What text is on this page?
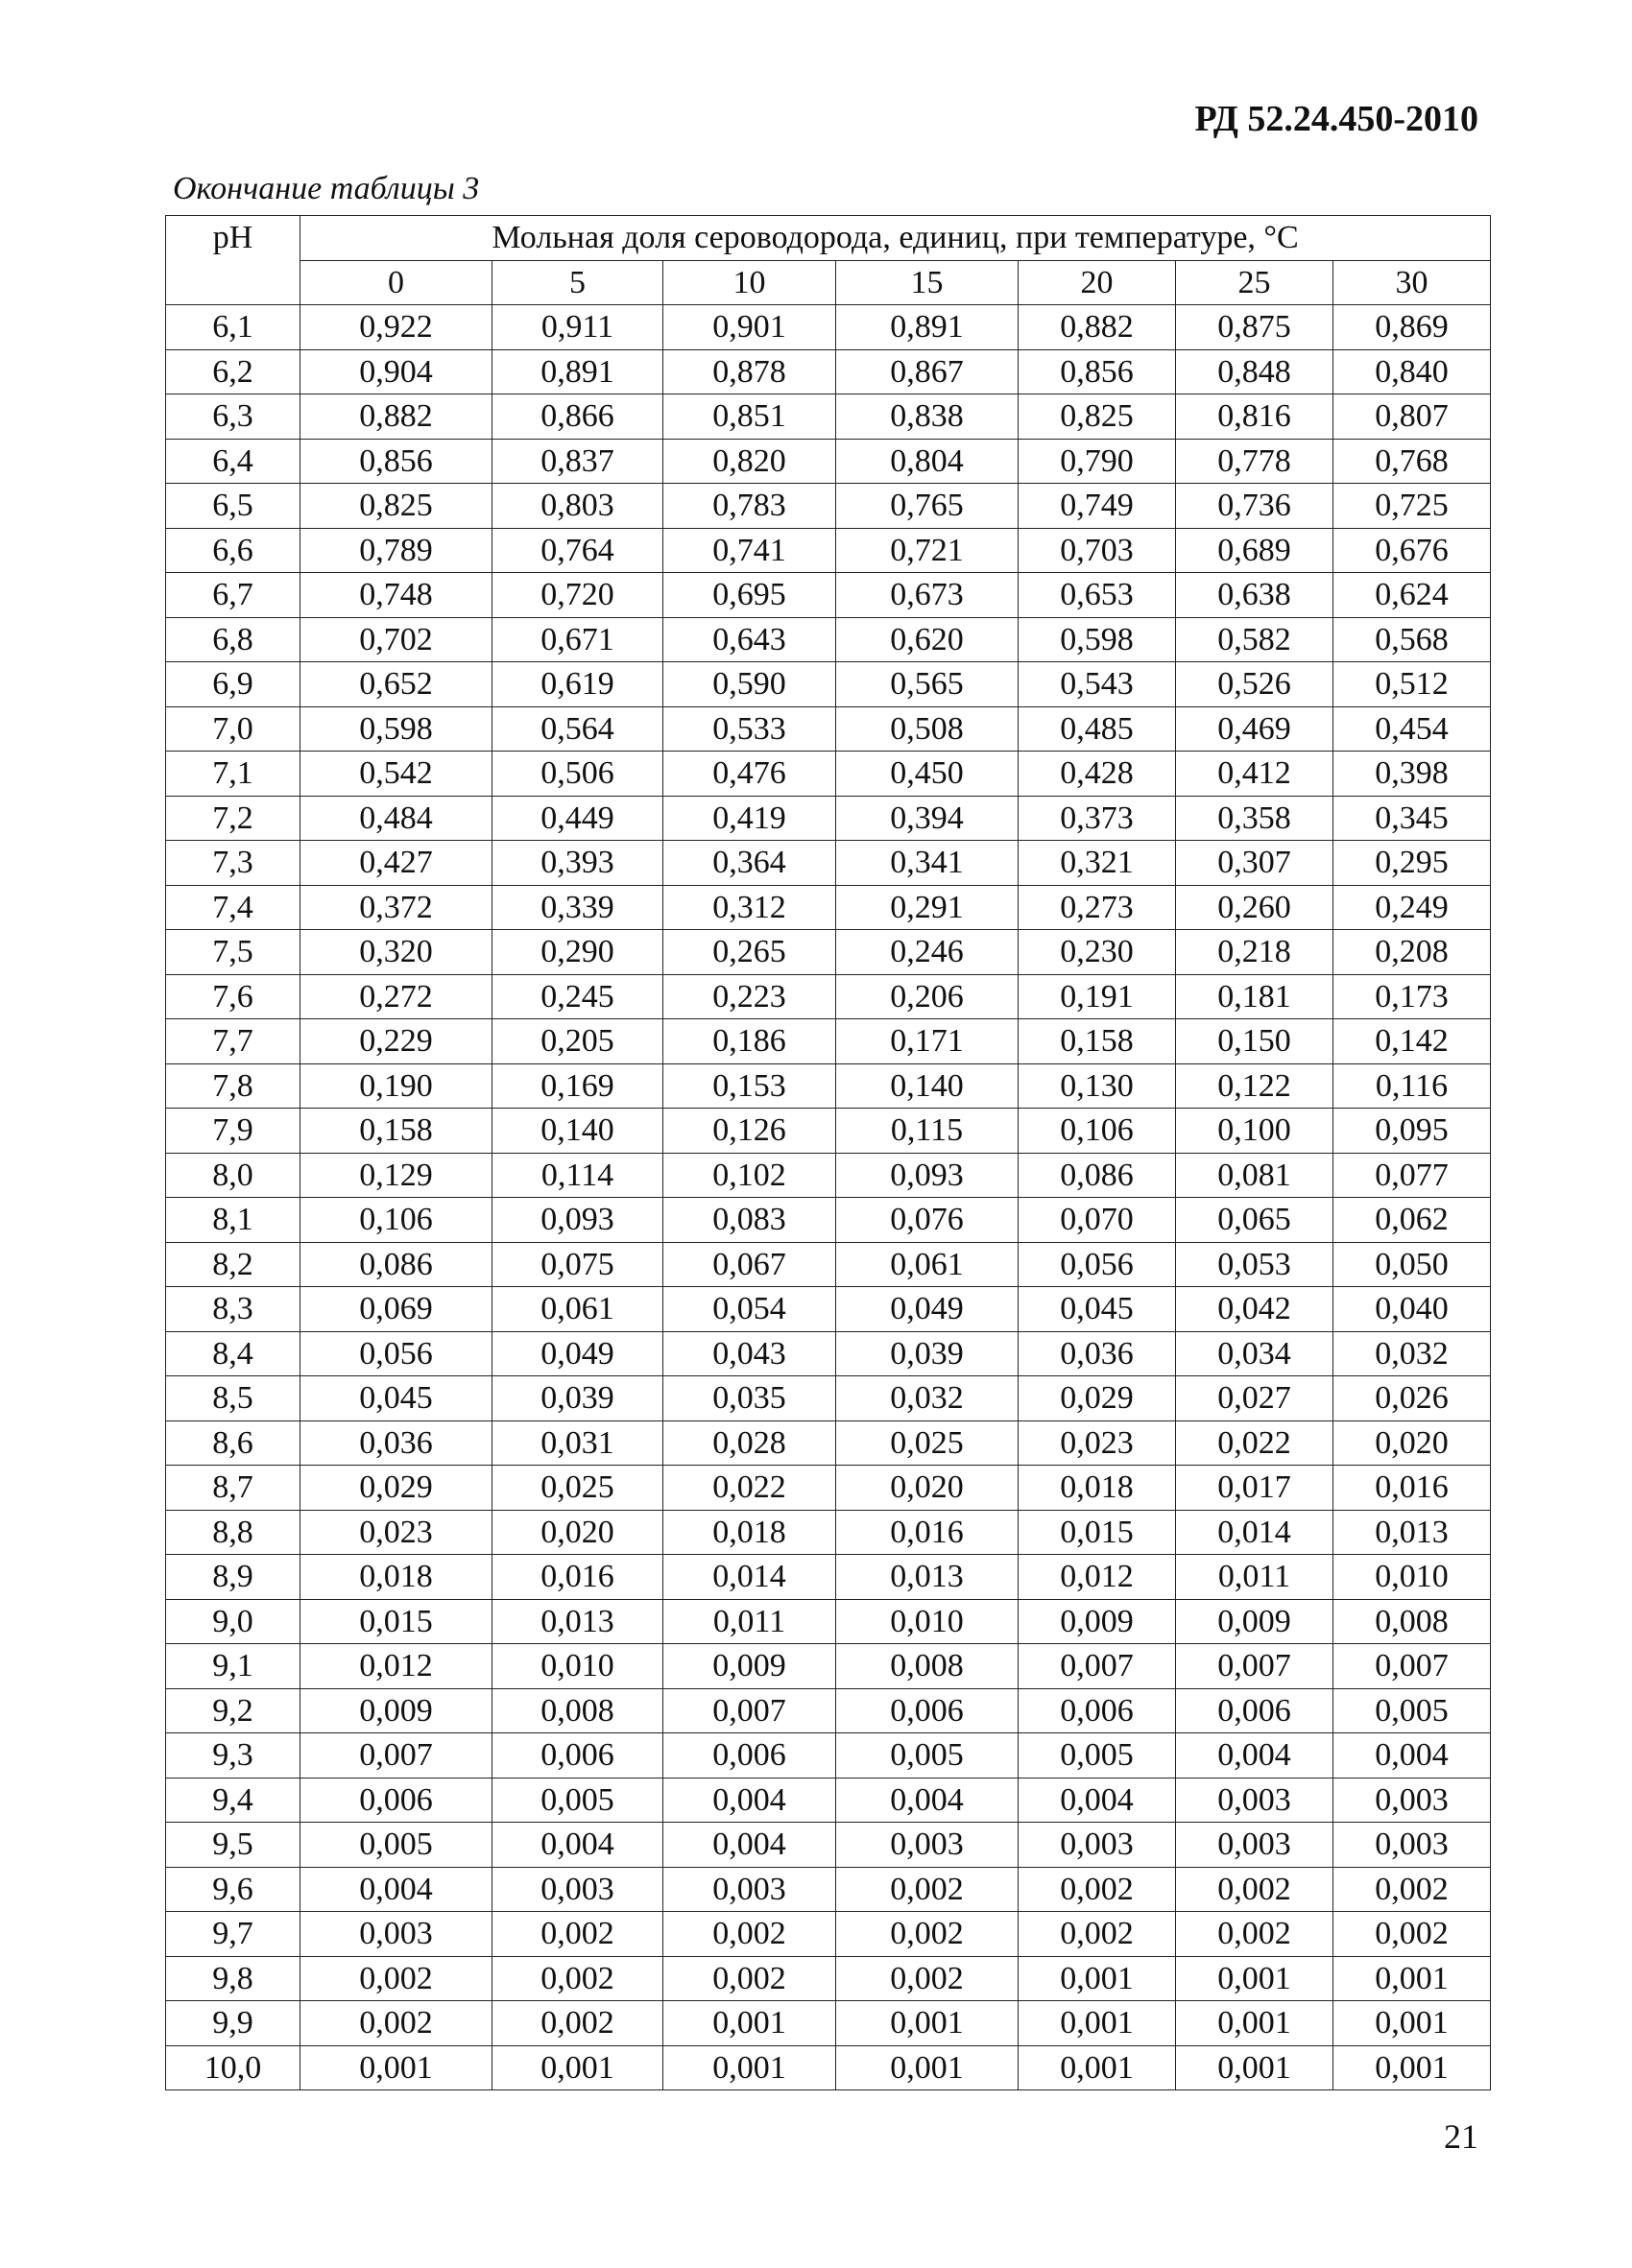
РД 52.24.450-2010
Окончание таблицы 3
pH	Мольная доля сероводорода, единиц, при температуре, °C						
	0	5	10	15	20	25	30
6,1	0,922	0,911	0,901	0,891	0,882	0,875	0,869
6,2	0,904	0,891	0,878	0,867	0,856	0,848	0,840
6,3	0,882	0,866	0,851	0,838	0,825	0,816	0,807
6,4	0,856	0,837	0,820	0,804	0,790	0,778	0,768
6,5	0,825	0,803	0,783	0,765	0,749	0,736	0,725
6,6	0,789	0,764	0,741	0,721	0,703	0,689	0,676
6,7	0,748	0,720	0,695	0,673	0,653	0,638	0,624
6,8	0,702	0,671	0,643	0,620	0,598	0,582	0,568
6,9	0,652	0,619	0,590	0,565	0,543	0,526	0,512
7,0	0,598	0,564	0,533	0,508	0,485	0,469	0,454
7,1	0,542	0,506	0,476	0,450	0,428	0,412	0,398
7,2	0,484	0,449	0,419	0,394	0,373	0,358	0,345
7,3	0,427	0,393	0,364	0,341	0,321	0,307	0,295
7,4	0,372	0,339	0,312	0,291	0,273	0,260	0,249
7,5	0,320	0,290	0,265	0,246	0,230	0,218	0,208
7,6	0,272	0,245	0,223	0,206	0,191	0,181	0,173
7,7	0,229	0,205	0,186	0,171	0,158	0,150	0,142
7,8	0,190	0,169	0,153	0,140	0,130	0,122	0,116
7,9	0,158	0,140	0,126	0,115	0,106	0,100	0,095
8,0	0,129	0,114	0,102	0,093	0,086	0,081	0,077
8,1	0,106	0,093	0,083	0,076	0,070	0,065	0,062
8,2	0,086	0,075	0,067	0,061	0,056	0,053	0,050
8,3	0,069	0,061	0,054	0,049	0,045	0,042	0,040
8,4	0,056	0,049	0,043	0,039	0,036	0,034	0,032
8,5	0,045	0,039	0,035	0,032	0,029	0,027	0,026
8,6	0,036	0,031	0,028	0,025	0,023	0,022	0,020
8,7	0,029	0,025	0,022	0,020	0,018	0,017	0,016
8,8	0,023	0,020	0,018	0,016	0,015	0,014	0,013
8,9	0,018	0,016	0,014	0,013	0,012	0,011	0,010
9,0	0,015	0,013	0,011	0,010	0,009	0,009	0,008
9,1	0,012	0,010	0,009	0,008	0,007	0,007	0,007
9,2	0,009	0,008	0,007	0,006	0,006	0,006	0,005
9,3	0,007	0,006	0,006	0,005	0,005	0,004	0,004
9,4	0,006	0,005	0,004	0,004	0,004	0,003	0,003
9,5	0,005	0,004	0,004	0,003	0,003	0,003	0,003
9,6	0,004	0,003	0,003	0,002	0,002	0,002	0,002
9,7	0,003	0,002	0,002	0,002	0,002	0,002	0,002
9,8	0,002	0,002	0,002	0,002	0,001	0,001	0,001
9,9	0,002	0,002	0,001	0,001	0,001	0,001	0,001
10,0	0,001	0,001	0,001	0,001	0,001	0,001	0,001
21
